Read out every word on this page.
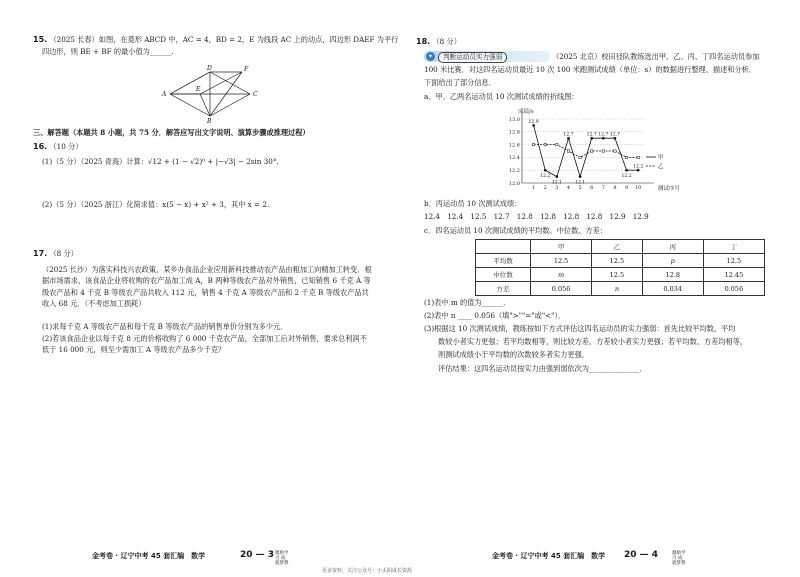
15. （2025 长春）如图，在菱形 ABCD 中，AC = 4，BD = 2，E 为线段 AC 上的动点，四边形 DAEF 为平行
四边形，则 BE + BF 的最小值为______.
A
D
C
B
E
F
三、解答题（本题共 8 小题，共 75 分．解答应写出文字说明、演算步骤或推理过程）
16. （10 分）
(1)（5 分）（2025 青海）计算：√12 + (1 − √2)⁰ + |−√3| − 2sin 30°.
(2)（5 分）（2025 浙江）化简求值：x(5 − x) + x² + 3，其中 x = 2.
17. （8 分）
（2025 长沙）为落实科技兴农政策，某乡办食品企业应用新科技推动农产品由粗加工向精加工转变．根据市场需求，该食品企业将收购的农产品加工成 A，B 两种等级农产品对外销售，已知销售 6 千克 A 等级农产品和 4 千克 B 等级农产品共收入 112 元，销售 4 千克 A 等级农产品和 2 千克 B 等级农产品共收入 68 元．（不考虑加工损耗）
(1)求每千克 A 等级农产品和每千克 B 等级农产品的销售单价分别为多少元．
(2)若该食品企业以每千克 8 元的价格收购了 6 000 千克农产品，全部加工后对外销售，要求总利润不低于 16 000 元，则至少需加工 A 等级农产品多少千克？
金考卷 · 辽宁中考 45 套汇编　数学	20 — 3 激励学习 成就梦想
18. （8 分）
✦ 判断运动员实力强弱	（2025 北京）校田径队教练选出甲、乙、丙、丁四名运动员参加
100 米比赛．对这四名运动员最近 10 次 100 米跑测试成绩（单位：s）的数据进行整理、描述和分析．
下面给出了部分信息．
a．甲、乙两名运动员 10 次测试成绩的折线图：
12.0
12.2
12.4
12.6
12.8
13.0
1 2 3 4 5 6 7 8 9 10
12.9
12.2
12.1
12.7
12.1
12.7 12.7 12.7
12.2
12.2
甲
乙
成绩/s
测试序号
b．丙运动员 10 次测试成绩：
12.4　12.4　12.5　12.7　12.8　12.8　12.8　12.8　12.9　12.9
c．四名运动员 10 次测试成绩的平均数、中位数、方差：
	甲	乙	丙	丁
平均数	12.5	12.5	p	12.5
中位数	m	12.5	12.8	12.45
方差	0.056	n	0.034	0.056
(1)表中 m 的值为______．
(2)表中 n ____ 0.056（填">""="或"<"）．
(3)根据这 10 次测试成绩，教练按如下方式评估这四名运动员的实力强弱：首先比较平均数，平均
数较小者实力更强；若平均数相等，则比较方差，方差较小者实力更强；若平均数、方差均相等，
则测试成绩小于平均数的次数较多者实力更强．
评估结果：这四名运动员按实力由强到弱依次为______________．
金考卷 · 辽宁中考 45 套汇编　数学 20 — 4	激励学习 成就梦想
更多资料，关注公众号：小太阳成长资源
